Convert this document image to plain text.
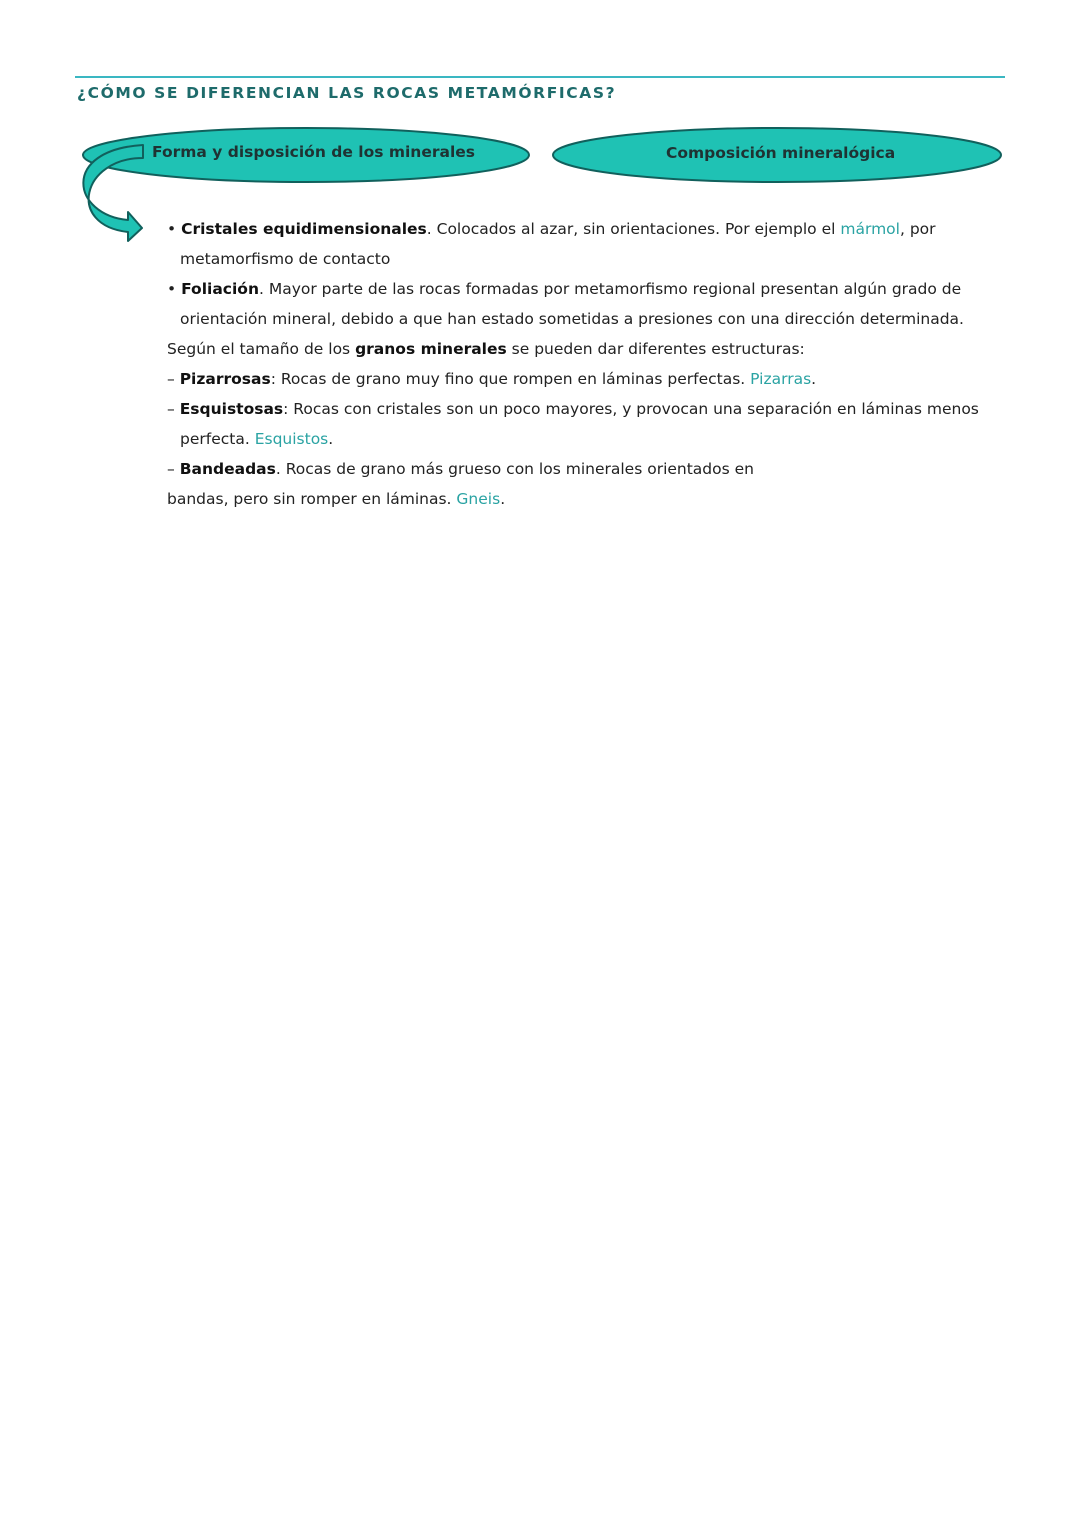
¿CÓMO SE DIFERENCIAN LAS ROCAS METAMÓRFICAS?
Forma y disposición de los minerales	Composición mineralógica
• Cristales equidimensionales. Colocados al azar, sin orientaciones. Por ejemplo el mármol, por
metamorfismo de contacto
• Foliación. Mayor parte de las rocas formadas por metamorfismo regional presentan algún grado de
orientación mineral, debido a que han estado sometidas a presiones con una dirección determinada.
Según el tamaño de los granos minerales se pueden dar diferentes estructuras:
– Pizarrosas: Rocas de grano muy fino que rompen en láminas perfectas. Pizarras.
– Esquistosas: Rocas con cristales son un poco mayores, y provocan una separación en láminas menos
perfecta. Esquistos.
– Bandeadas. Rocas de grano más grueso con los minerales orientados en
bandas, pero sin romper en láminas. Gneis.
